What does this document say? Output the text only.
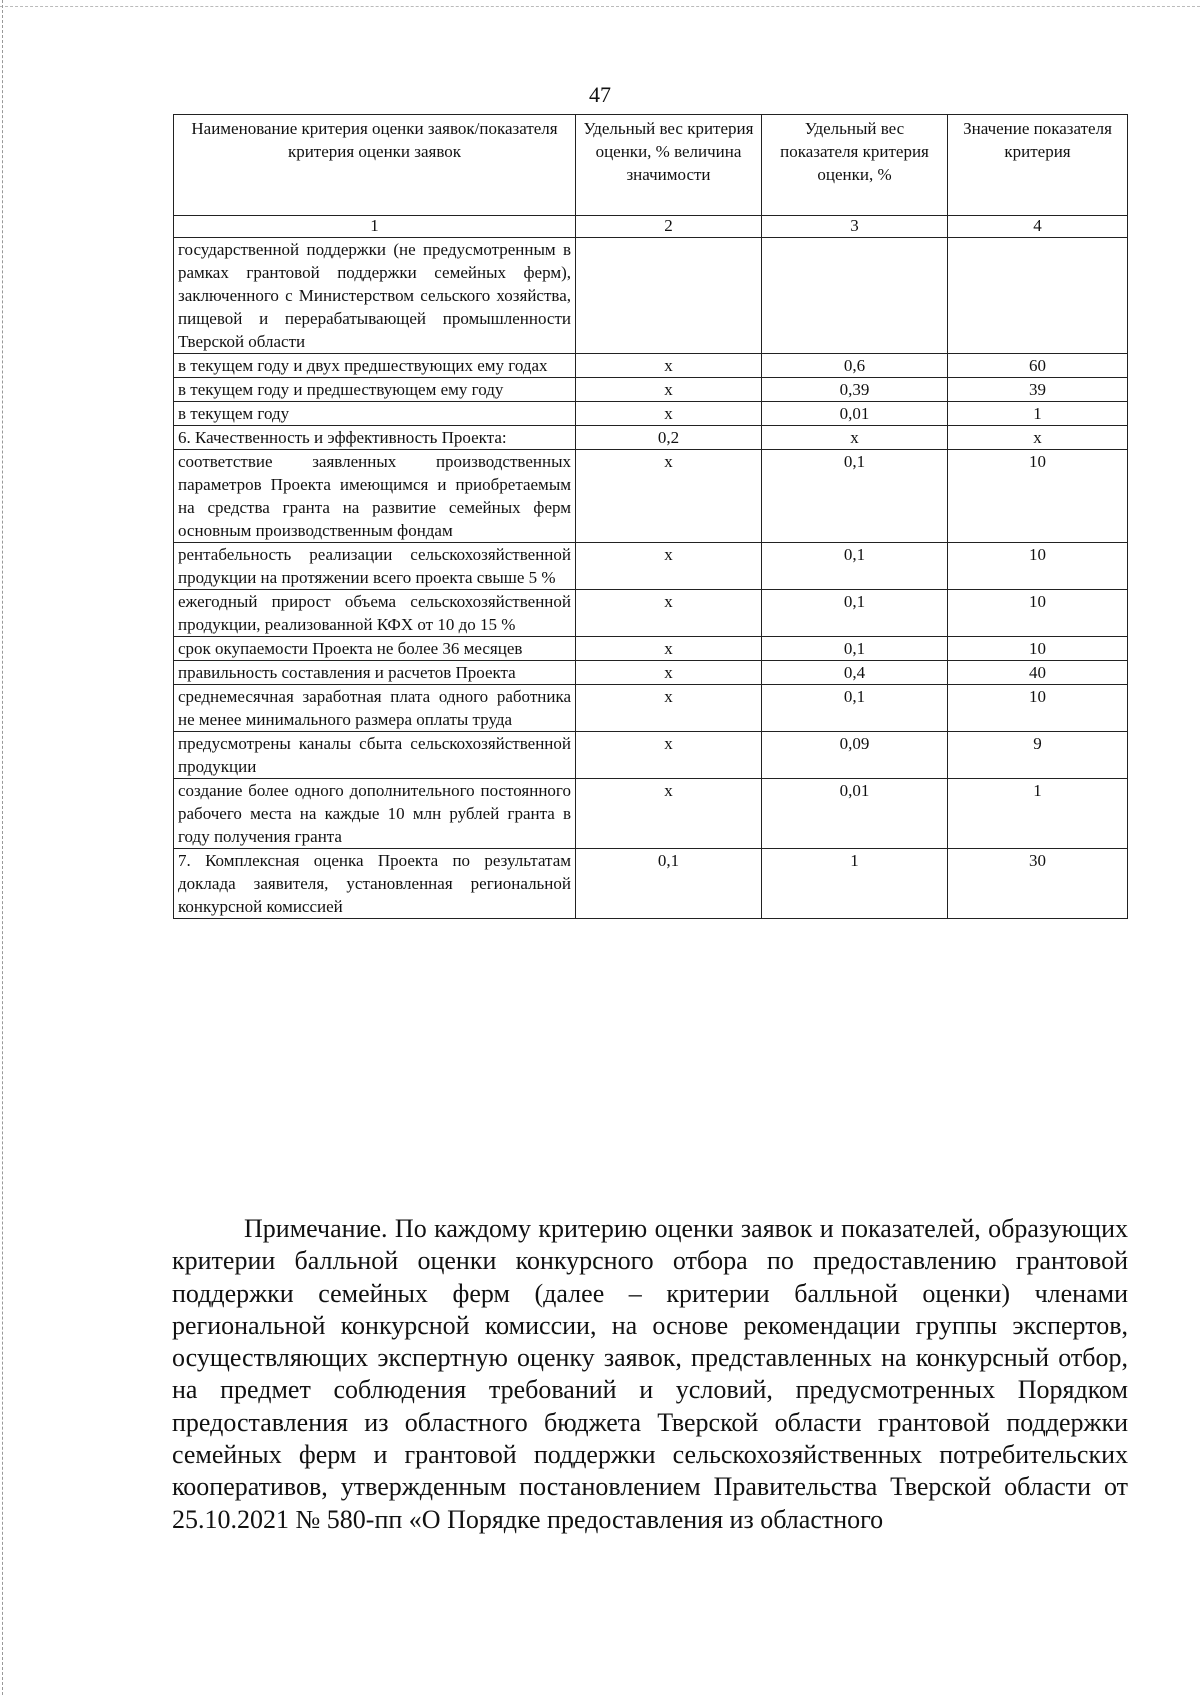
47
Наименование критерия оценки заявок/показателя критерия оценки заявок	Удельный вес критерия оценки, % величина значимости	Удельный вес показателя критерия оценки, %	Значение показателя критерия
1	2	3	4
государственной поддержки (не предусмотренным в рамках грантовой поддержки семейных ферм), заключенного с Министерством сельского хозяйства, пищевой и перерабатывающей промышленности Тверской области			
в текущем году и двух предшествующих ему годах	х	0,6	60
в текущем году и предшествующем ему году	х	0,39	39
в текущем году	х	0,01	1
6. Качественность и эффективность Проекта:	0,2	х	х
соответствие заявленных производственных параметров Проекта имеющимся и приобретаемым на средства гранта на развитие семейных ферм основным производственным фондам	х	0,1	10
рентабельность реализации сельскохозяйственной продукции на протяжении всего проекта свыше 5 %	х	0,1	10
ежегодный прирост объема сельскохозяйственной продукции, реализованной КФХ от 10 до 15 %	х	0,1	10
срок окупаемости Проекта не более 36 месяцев	х	0,1	10
правильность составления и расчетов Проекта	х	0,4	40
среднемесячная заработная плата одного работника не менее минимального размера оплаты труда	х	0,1	10
предусмотрены каналы сбыта сельскохозяйственной продукции	х	0,09	9
создание более одного дополнительного постоянного рабочего места на каждые 10 млн рублей гранта в году получения гранта	х	0,01	1
7. Комплексная оценка Проекта по результатам доклада заявителя, установленная региональной конкурсной комиссией	0,1	1	30
Примечание. По каждому критерию оценки заявок и показателей, образующих критерии балльной оценки конкурсного отбора по предоставлению грантовой поддержки семейных ферм (далее – критерии балльной оценки) членами региональной конкурсной комиссии, на основе рекомендации группы экспертов, осуществляющих экспертную оценку заявок, представленных на конкурсный отбор, на предмет соблюдения требований и условий, предусмотренных Порядком предоставления из областного бюджета Тверской области грантовой поддержки семейных ферм и грантовой поддержки сельскохозяйственных потребительских кооперативов, утвержденным постановлением Правительства Тверской области от 25.10.2021 № 580-пп «О Порядке предоставления из областного
